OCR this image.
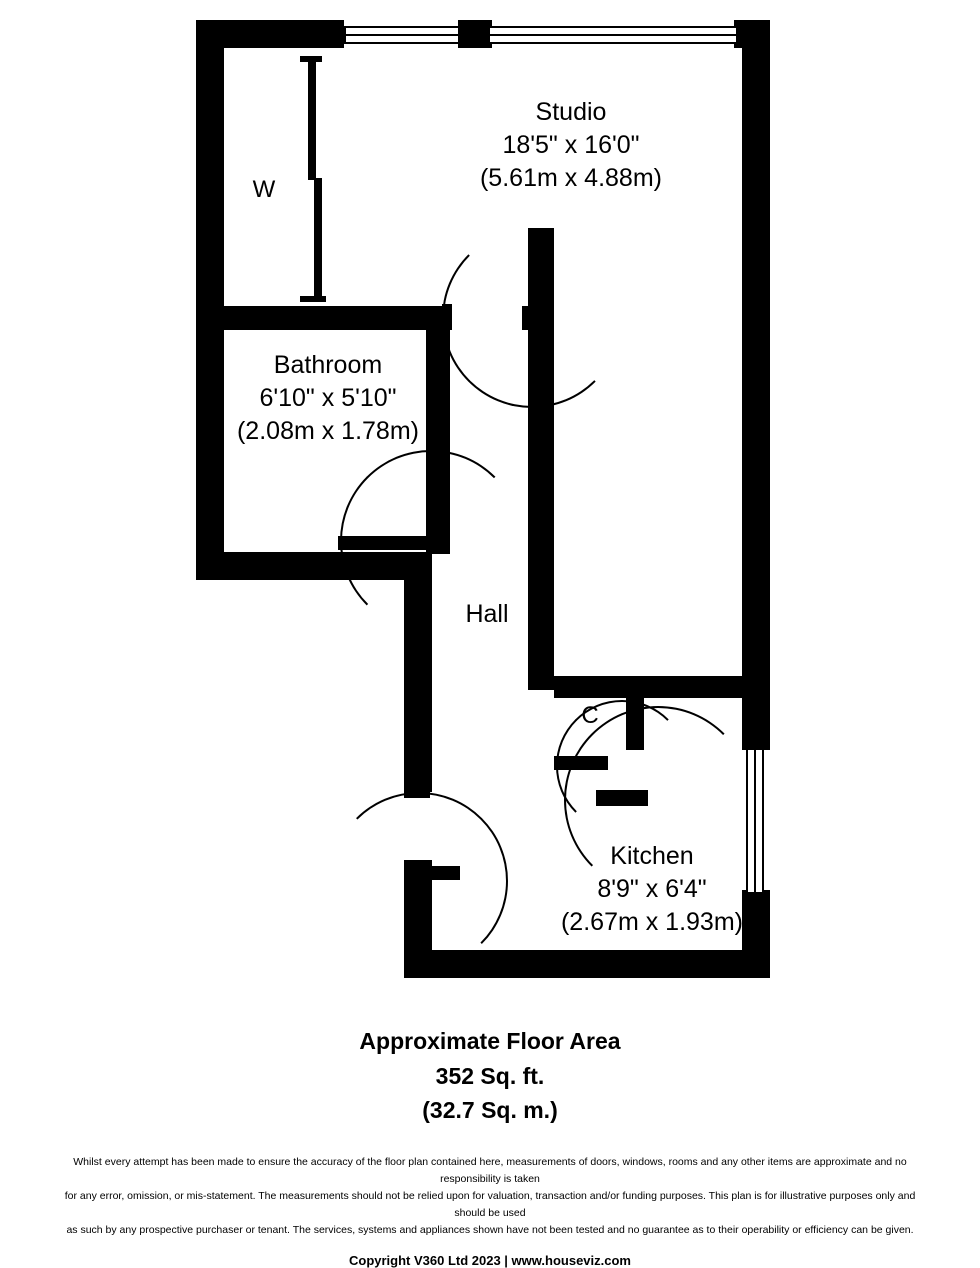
Studio
18'5" x 16'0"
(5.61m x 4.88m)
Bathroom
6'10" x 5'10"
(2.08m x 1.78m)
Hall
Kitchen
8'9" x 6'4"
(2.67m x 1.93m)
W
C
Approximate Floor Area
352 Sq. ft.
(32.7 Sq. m.)
Whilst every attempt has been made to ensure the accuracy of the floor plan contained here, measurements of doors, windows, rooms and any other items are approximate and no responsibility is taken
for any error, omission, or mis-statement. The measurements should not be relied upon for valuation, transaction and/or funding purposes. This plan is for illustrative purposes only and should be used
as such by any prospective purchaser or tenant. The services, systems and appliances shown have not been tested and no guarantee as to their operability or efficiency can be given.
Copyright V360 Ltd 2023 | www.houseviz.com
